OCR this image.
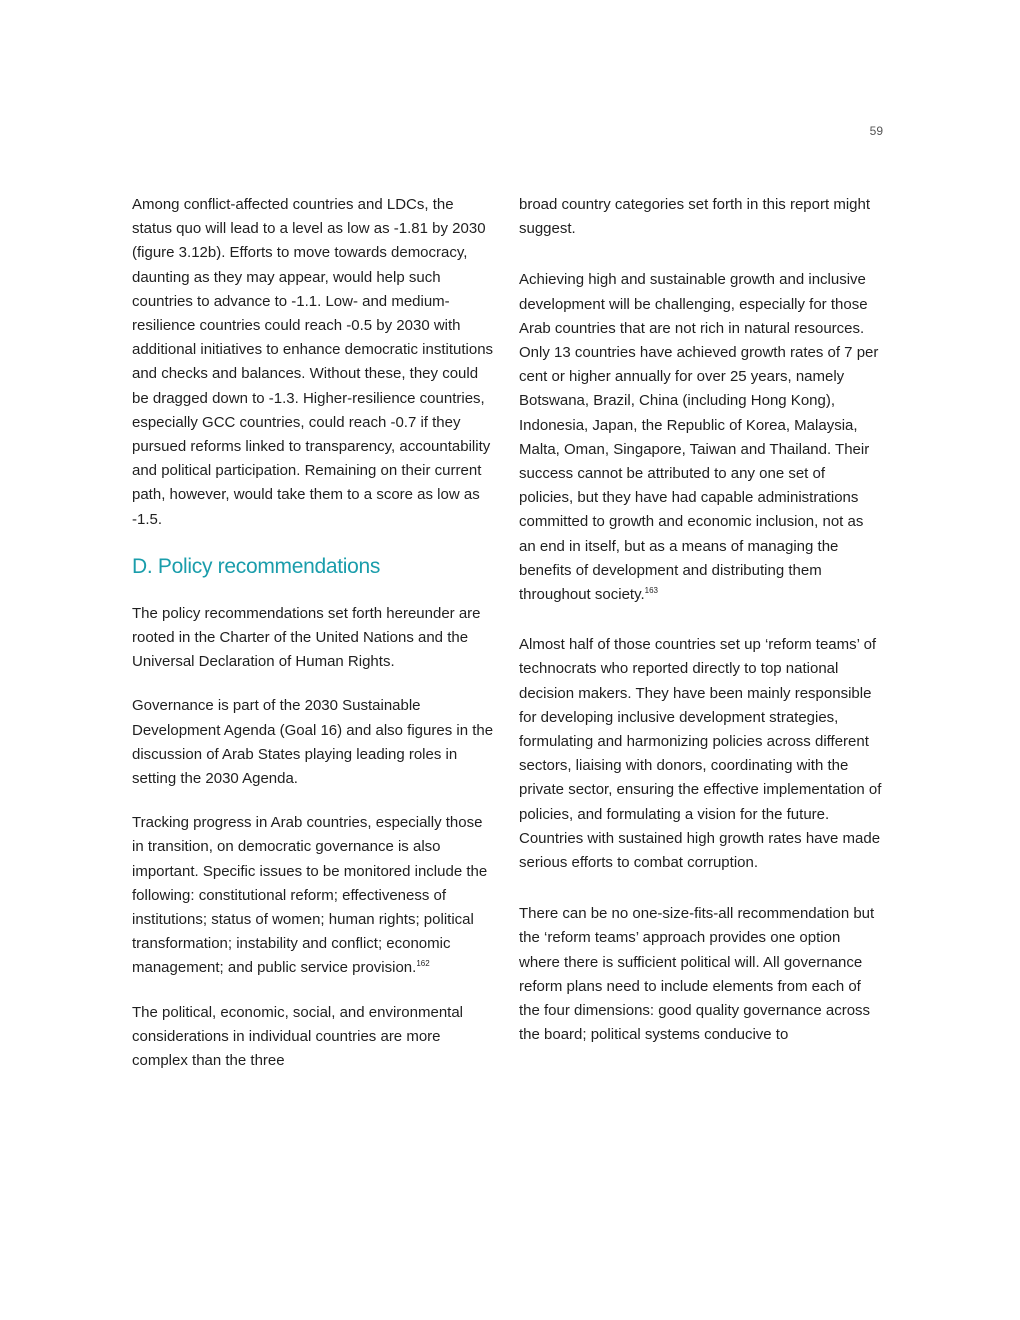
59

Among conflict-affected countries and LDCs, the status quo will lead to a level as low as -1.81 by 2030 (figure 3.12b). Efforts to move towards democracy, daunting as they may appear, would help such countries to advance to -1.1. Low- and medium-resilience countries could reach -0.5 by 2030 with additional initiatives to enhance democratic institutions and checks and balances. Without these, they could be dragged down to -1.3. Higher-resilience countries, especially GCC countries, could reach -0.7 if they pursued reforms linked to transparency, accountability and political participation. Remaining on their current path, however, would take them to a score as low as -1.5.

D. Policy recommendations

The policy recommendations set forth hereunder are rooted in the Charter of the United Nations and the Universal Declaration of Human Rights.

Governance is part of the 2030 Sustainable Development Agenda (Goal 16) and also figures in the discussion of Arab States playing leading roles in setting the 2030 Agenda.

Tracking progress in Arab countries, especially those in transition, on democratic governance is also important. Specific issues to be monitored include the following: constitutional reform; effectiveness of institutions; status of women; human rights; political transformation; instability and conflict; economic management; and public service provision.$^{162}$

The political, economic, social, and environmental considerations in individual countries are more complex than the three

broad country categories set forth in this report might suggest.

Achieving high and sustainable growth and inclusive development will be challenging, especially for those Arab countries that are not rich in natural resources. Only 13 countries have achieved growth rates of 7 per cent or higher annually for over 25 years, namely Botswana, Brazil, China (including Hong Kong), Indonesia, Japan, the Republic of Korea, Malaysia, Malta, Oman, Singapore, Taiwan and Thailand. Their success cannot be attributed to any one set of policies, but they have had capable administrations committed to growth and economic inclusion, not as an end in itself, but as a means of managing the benefits of development and distributing them throughout society.$^{163}$

Almost half of those countries set up ‘reform teams’ of technocrats who reported directly to top national decision makers. They have been mainly responsible for developing inclusive development strategies, formulating and harmonizing policies across different sectors, liaising with donors, coordinating with the private sector, ensuring the effective implementation of policies, and formulating a vision for the future. Countries with sustained high growth rates have made serious efforts to combat corruption.

There can be no one-size-fits-all recommendation but the ‘reform teams’ approach provides one option where there is sufficient political will. All governance reform plans need to include elements from each of the four dimensions: good quality governance across the board; political systems conducive to
